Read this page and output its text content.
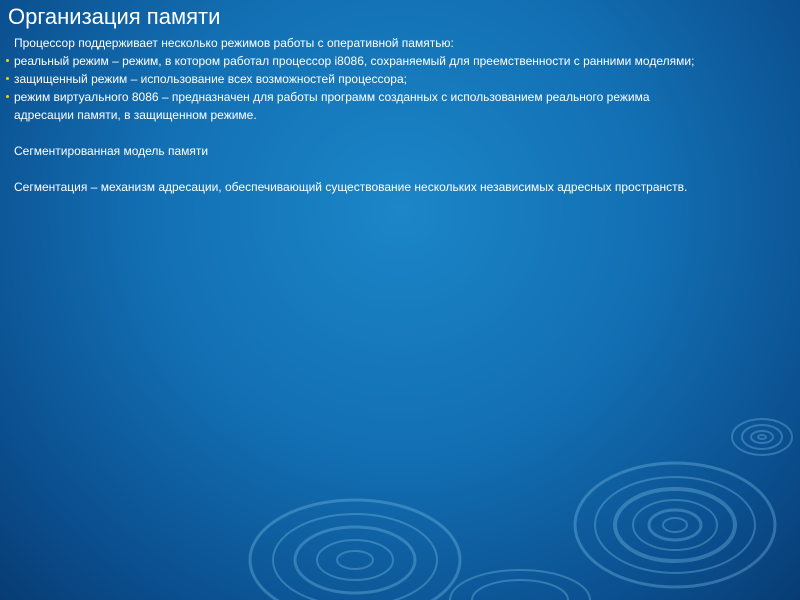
Организация памяти
Процессор поддерживает несколько режимов работы с оперативной памятью:
реальный режим – режим, в котором работал процессор i8086, сохраняемый для преемственности с ранними моделями;
защищенный режим – использование всех возможностей процессора;
режим виртуального 8086 – предназначен для работы программ созданных с использованием реального режима
адресации памяти, в защищенном режиме.
Сегментированная модель памяти
Сегментация – механизм адресации, обеспечивающий существование нескольких независимых адресных пространств.
